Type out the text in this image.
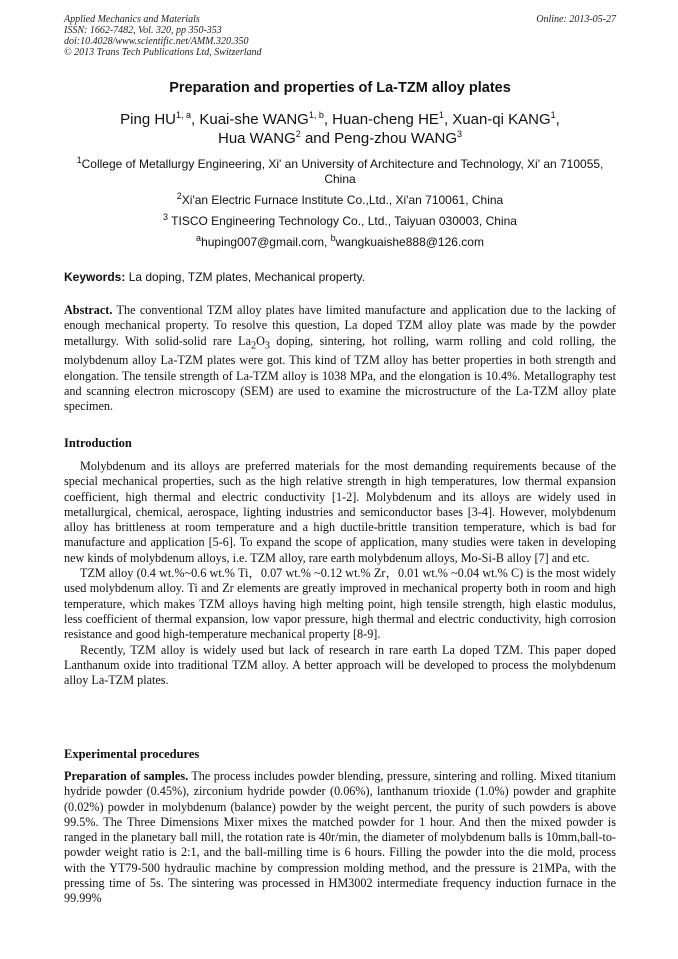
Applied Mechanics and Materials
ISSN: 1662-7482, Vol. 320, pp 350-353
doi:10.4028/www.scientific.net/AMM.320.350
© 2013 Trans Tech Publications Ltd, Switzerland
Online: 2013-05-27
Preparation and properties of La-TZM alloy plates
Ping HU$^{1, a}$, Kuai-she WANG$^{1, b}$, Huan-cheng $HE^1$, Xuan-qi KANG$^1$,
Hua WANG$^2$ and Peng-zhou WANG$^3$
$^1$College of Metallurgy Engineering, Xi' an University of Architecture and Technology, Xi' an 710055, China
$^2$Xi'an Electric Furnace Institute Co.,Ltd., Xi'an 710061, China
$^3$ TISCO Engineering Technology Co., Ltd., Taiyuan 030003, China
$^a$huping007@gmail.com, $^b$wangkuaishe888@126.com
Keywords: La doping, TZM plates, Mechanical property.
Abstract. The conventional TZM alloy plates have limited manufacture and application due to the lacking of enough mechanical property. To resolve this question, La doped TZM alloy plate was made by the powder metallurgy. With solid-solid rare $La_2O_3$ doping, sintering, hot rolling, warm rolling and cold rolling, the molybdenum alloy La-TZM plates were got. This kind of TZM alloy has better properties in both strength and elongation. The tensile strength of La-TZM alloy is 1038 MPa, and the elongation is 10.4%. Metallography test and scanning electron microscopy (SEM) are used to examine the microstructure of the La-TZM alloy plate specimen.
Introduction

Molybdenum and its alloys are preferred materials for the most demanding requirements because of the special mechanical properties, such as the high relative strength in high temperatures, low thermal expansion coefficient, high thermal and electric conductivity [1-2]. Molybdenum and its alloys are widely used in metallurgical, chemical, aerospace, lighting industries and semiconductor bases [3-4]. However, molybdenum alloy has brittleness at room temperature and a high ductile-brittle transition temperature, which is bad for manufacture and application [5-6]. To expand the scope of application, many studies were taken in developing new kinds of molybdenum alloys, i.e. TZM alloy, rare earth molybdenum alloys, Mo-Si-B alloy [7] and etc.

TZM alloy (0.4 wt.%~0.6 wt.% Ti，0.07 wt.% ~0.12 wt.% Zr，0.01 wt.% ~0.04 wt.% C) is the most widely used molybdenum alloy. Ti and Zr elements are greatly improved in mechanical property both in room and high temperature, which makes TZM alloys having high melting point, high tensile strength, high elastic modulus, less coefficient of thermal expansion, low vapor pressure, high thermal and electric conductivity, high corrosion resistance and good high-temperature mechanical property [8-9].

Recently, TZM alloy is widely used but lack of research in rare earth La doped TZM. This paper doped Lanthanum oxide into traditional TZM alloy. A better approach will be developed to process the molybdenum alloy La-TZM plates.

Experimental procedures

Preparation of samples. The process includes powder blending, pressure, sintering and rolling. Mixed titanium hydride powder (0.45%), zirconium hydride powder (0.06%), lanthanum trioxide (1.0%) powder and graphite (0.02%) powder in molybdenum (balance) powder by the weight percent, the purity of such powders is above 99.5%. The Three Dimensions Mixer mixes the matched powder for 1 hour. And then the mixed powder is ranged in the planetary ball mill, the rotation rate is 40r/min, the diameter of molybdenum balls is 10mm,ball-to-powder weight ratio is 2:1, and the ball-milling time is 6 hours. Filling the powder into the die mold, process with the YT79-500 hydraulic machine by compression molding method, and the pressure is 21MPa, with the pressing time of 5s. The sintering was processed in HM3002 intermediate frequency induction furnace in the 99.99%
